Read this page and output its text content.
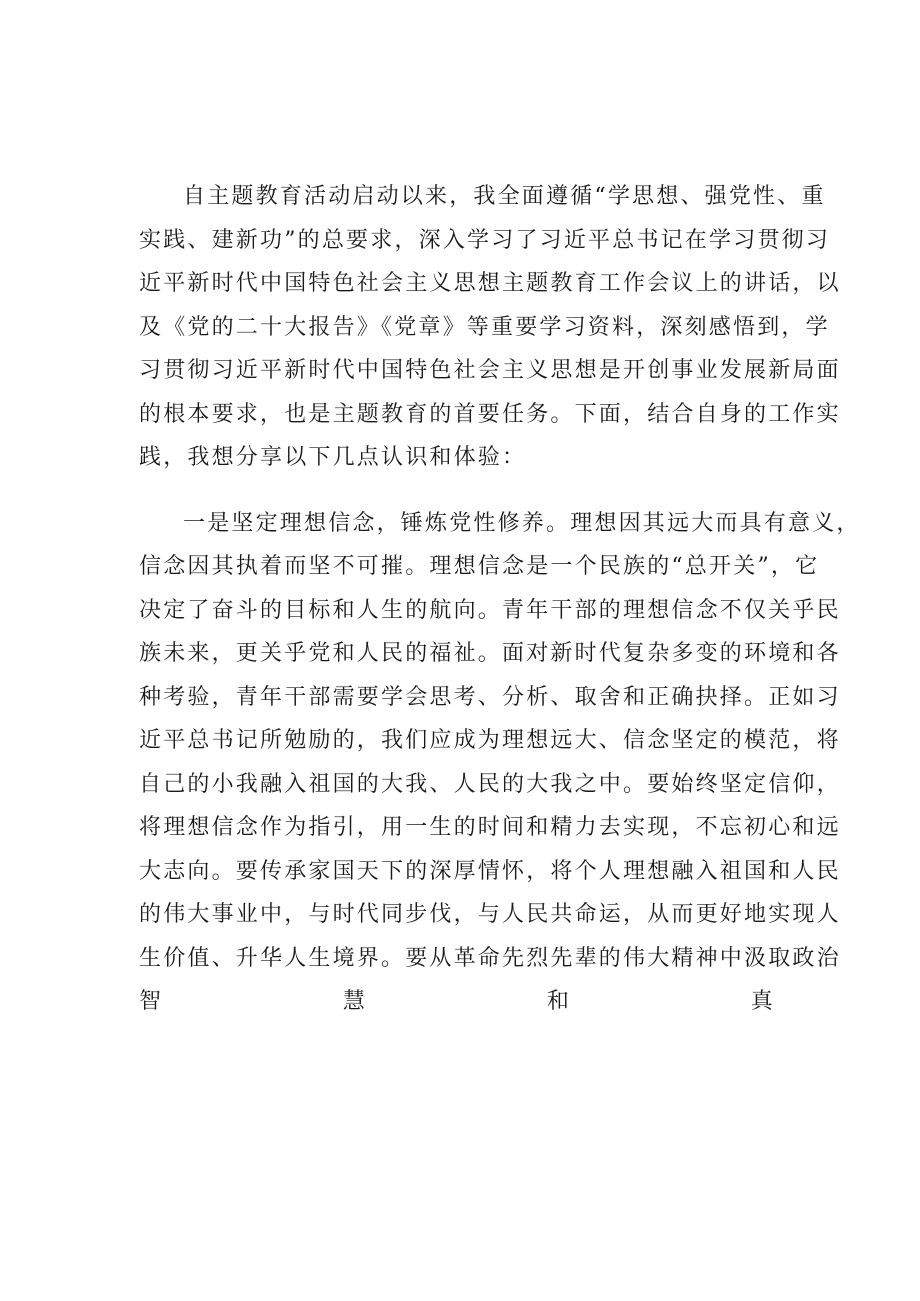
自主题教育活动启动以来，我全面遵循“学思想、强党性、重
实践、建新功”的总要求，深入学习了习近平总书记在学习贯彻习
近平新时代中国特色社会主义思想主题教育工作会议上的讲话，以
及《党的二十大报告》《党章》等重要学习资料，深刻感悟到，学
习贯彻习近平新时代中国特色社会主义思想是开创事业发展新局面
的根本要求，也是主题教育的首要任务。下面，结合自身的工作实
践，我想分享以下几点认识和体验：
一是坚定理想信念，锤炼党性修养。理想因其远大而具有意义，
信念因其执着而坚不可摧。理想信念是一个民族的“总开关”，它
决定了奋斗的目标和人生的航向。青年干部的理想信念不仅关乎民
族未来，更关乎党和人民的福祉。面对新时代复杂多变的环境和各
种考验，青年干部需要学会思考、分析、取舍和正确抉择。正如习
近平总书记所勉励的，我们应成为理想远大、信念坚定的模范，将
自己的小我融入祖国的大我、人民的大我之中。要始终坚定信仰，
将理想信念作为指引，用一生的时间和精力去实现，不忘初心和远
大志向。要传承家国天下的深厚情怀，将个人理想融入祖国和人民
的伟大事业中，与时代同步伐，与人民共命运，从而更好地实现人
生价值、升华人生境界。要从革命先烈先辈的伟大精神中汲取政治
智慧和真
